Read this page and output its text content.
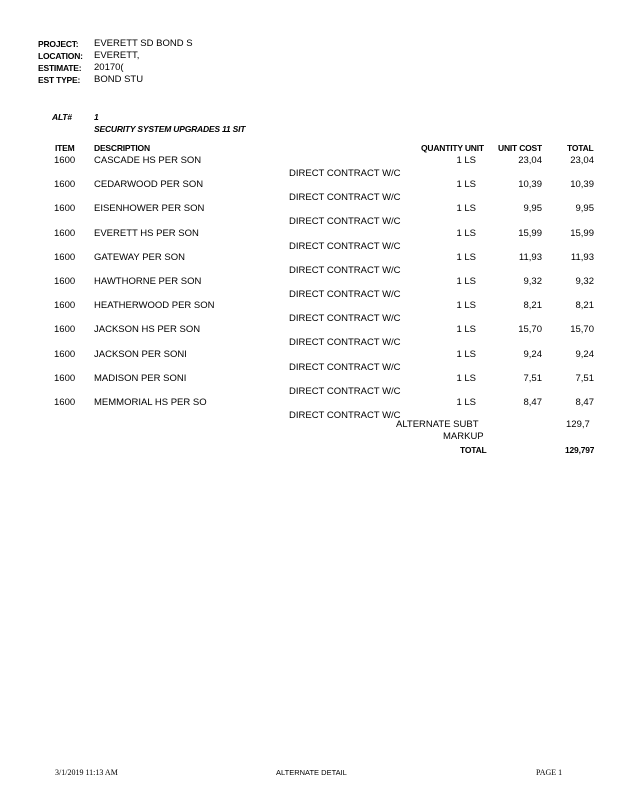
PROJECT: EVERETT SD BOND S
LOCATION: EVERETT,
ESTIMATE: 20170(
EST TYPE: BOND STU
ALT#	1
SECURITY SYSTEM UPGRADES 11 SIT
ITEM DESCRIPTION	QUANTITY UNIT UNIT COST	TOTAL
1600 CASCADE HS PER SON	1 LS	23,04	23,04
DIRECT CONTRACT W/C
1600 CEDARWOOD PER SON	1 LS	10,39	10,39
DIRECT CONTRACT W/C
1600 EISENHOWER PER SON	1 LS	9,95	9,95
DIRECT CONTRACT W/C
1600 EVERETT HS PER SON	1 LS	15,99	15,99
DIRECT CONTRACT W/C
1600 GATEWAY PER SON	1 LS	11,93	11,93
DIRECT CONTRACT W/C
1600 HAWTHORNE PER SON	1 LS	9,32	9,32
DIRECT CONTRACT W/C
1600 HEATHERWOOD PER SON	1 LS	8,21	8,21
DIRECT CONTRACT W/C
1600 JACKSON HS PER SON	1 LS	15,70	15,70
DIRECT CONTRACT W/C
1600 JACKSON PER SONI	1 LS	9,24	9,24
DIRECT CONTRACT W/C
1600 MADISON PER SONI	1 LS	7,51	7,51
DIRECT CONTRACT W/C
1600 MEMMORIAL HS PER SO	1 LS	8,47	8,47
DIRECT CONTRACT W/C
ALTERNATE SUBT	129,7
MARKUP
TOTAL	129,797
3/1/2019 11:13 AM	ALTERNATE DETAIL	PAGE 1
